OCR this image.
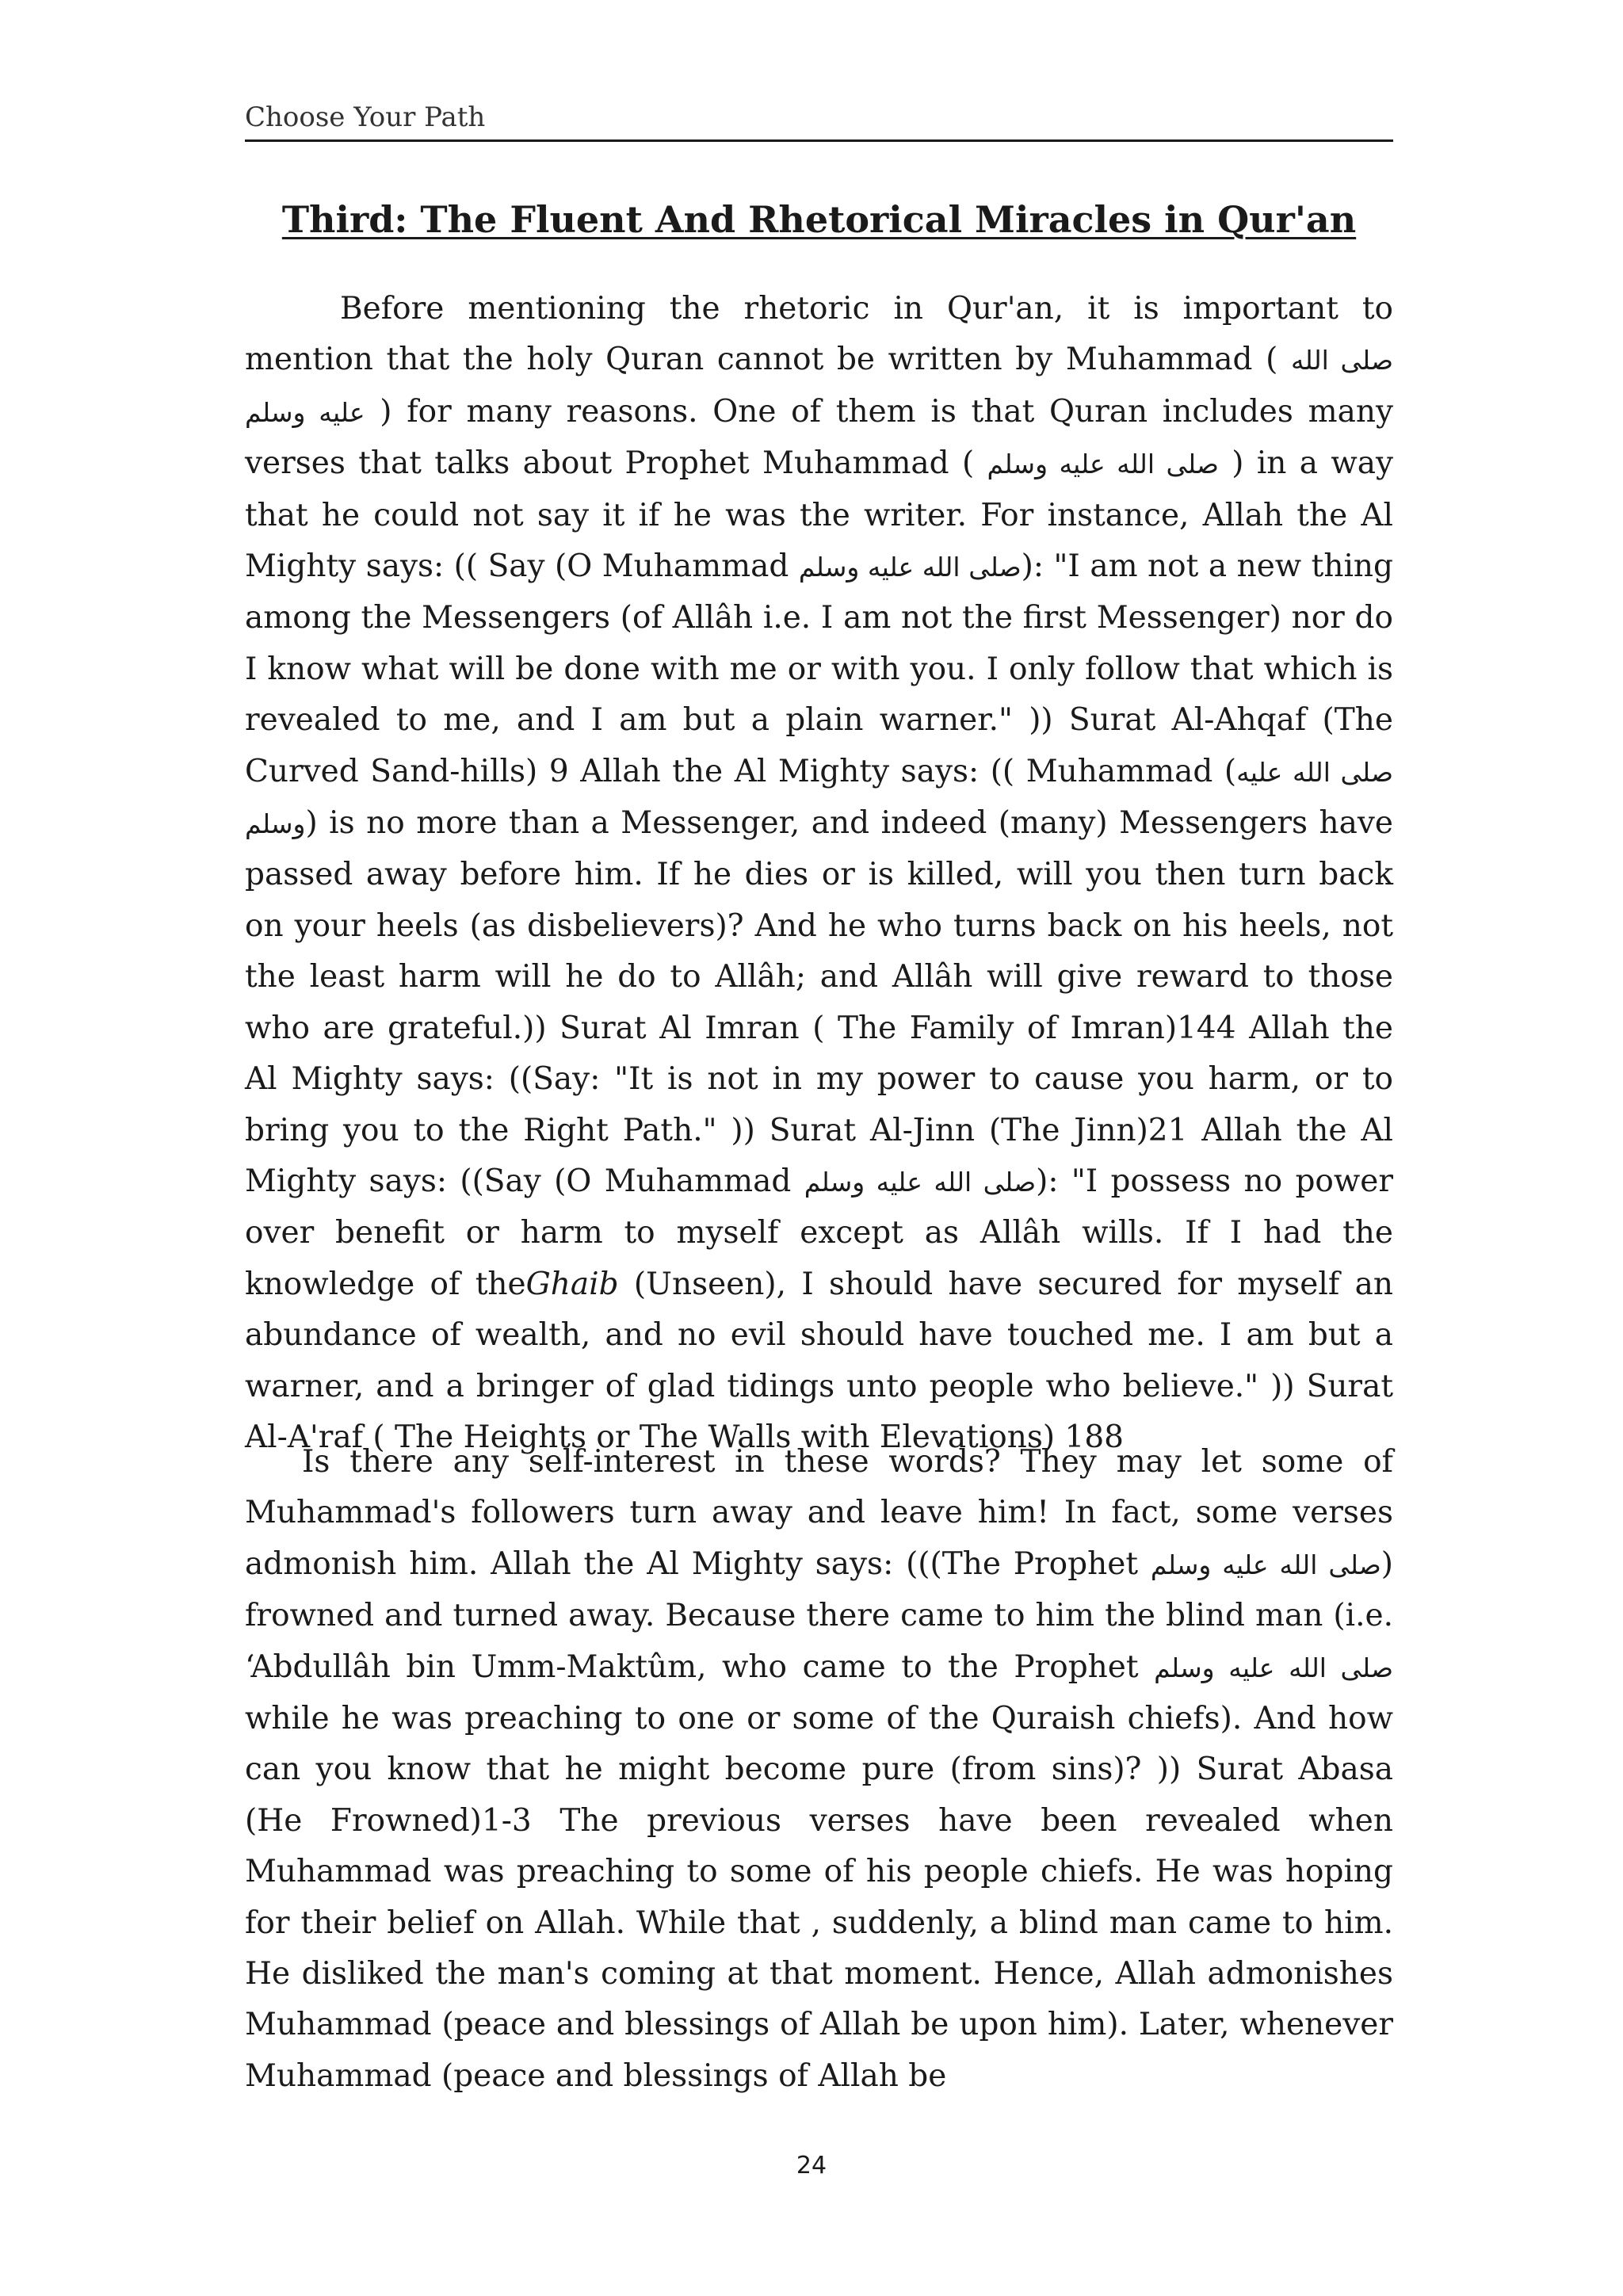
Choose Your Path
Third: The Fluent And Rhetorical Miracles in Qur'an
Before mentioning the rhetoric in Qur'an, it is important to mention that the holy Quran cannot be written by Muhammad ( صلى الله عليه وسلم ) for many reasons. One of them is that Quran includes many verses that talks about Prophet Muhammad ( صلى الله عليه وسلم ) in a way that he could not say it if he was the writer. For instance, Allah the Al Mighty says: (( Say (O Muhammad صلى الله عليه وسلم): "I am not a new thing among the Messengers (of Allâh i.e. I am not the first Messenger) nor do I know what will be done with me or with you. I only follow that which is revealed to me, and I am but a plain warner." )) Surat Al-Ahqaf (The Curved Sand-hills) 9 Allah the Al Mighty says: (( Muhammad (صلى الله عليه وسلم) is no more than a Messenger, and indeed (many) Messengers have passed away before him. If he dies or is killed, will you then turn back on your heels (as disbelievers)? And he who turns back on his heels, not the least harm will he do to Allâh; and Allâh will give reward to those who are grateful.)) Surat Al Imran ( The Family of Imran)144 Allah the Al Mighty says: ((Say: "It is not in my power to cause you harm, or to bring you to the Right Path." )) Surat Al-Jinn (The Jinn)21 Allah the Al Mighty says: ((Say (O Muhammad صلى الله عليه وسلم): "I possess no power over benefit or harm to myself except as Allâh wills. If I had the knowledge of theGhaib (Unseen), I should have secured for myself an abundance of wealth, and no evil should have touched me. I am but a warner, and a bringer of glad tidings unto people who believe." )) Surat Al-A'raf ( The Heights or The Walls with Elevations) 188
Is there any self-interest in these words? They may let some of Muhammad's followers turn away and leave him! In fact, some verses admonish him. Allah the Al Mighty says: (((The Prophet صلى الله عليه وسلم) frowned and turned away. Because there came to him the blind man (i.e. ‘Abdullâh bin Umm-Maktûm, who came to the Prophet صلى الله عليه وسلم while he was preaching to one or some of the Quraish chiefs). And how can you know that he might become pure (from sins)? )) Surat Abasa (He Frowned)1-3 The previous verses have been revealed when Muhammad was preaching to some of his people chiefs. He was hoping for their belief on Allah. While that , suddenly, a blind man came to him. He disliked the man's coming at that moment. Hence, Allah admonishes Muhammad (peace and blessings of Allah be upon him). Later, whenever Muhammad (peace and blessings of Allah be
24
